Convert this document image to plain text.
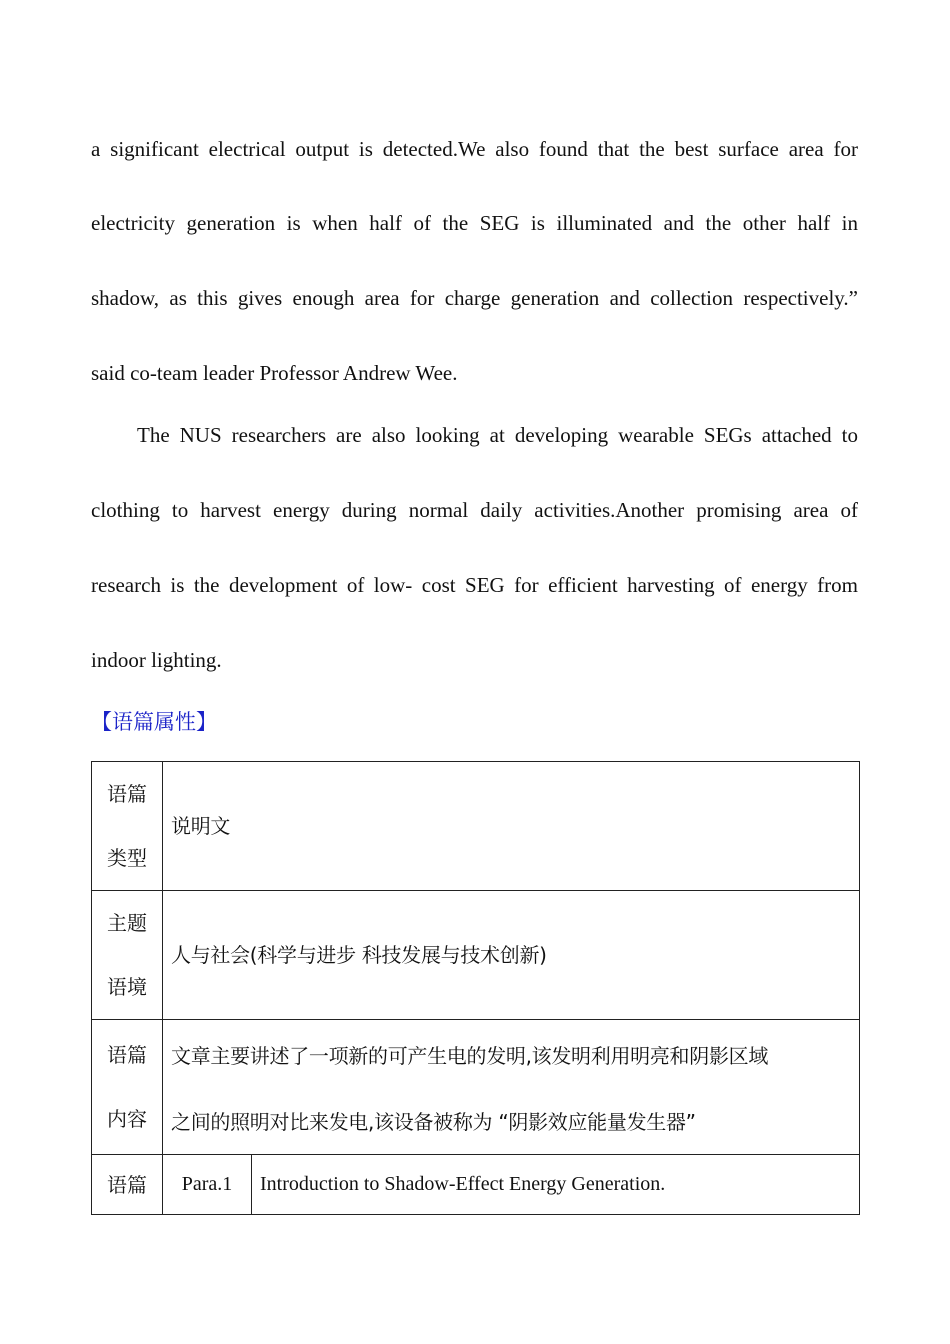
a significant electrical output is detected.We also found that the best surface area for
electricity generation is when half of the SEG is illuminated and the other half in
shadow, as this gives enough area for charge generation and collection respectively.”
said co-team leader Professor Andrew Wee.
The NUS researchers are also looking at developing wearable SEGs attached to
clothing to harvest energy during normal daily activities.Another promising area of
research is the development of low- cost SEG for efficient harvesting of energy from
indoor lighting.
【语篇属性】
语篇
类型	说明文	

主题
语境	人与社会(科学与进步 科技发展与技术创新)	

语篇
内容	文章主要讲述了一项新的可产生电的发明,该发明利用明亮和阴影区域
之间的照明对比来发电,该设备被称为 “阴影效应能量发生器”	

语篇	Para.1	Introduction to Shadow-Effect Energy Generation.
